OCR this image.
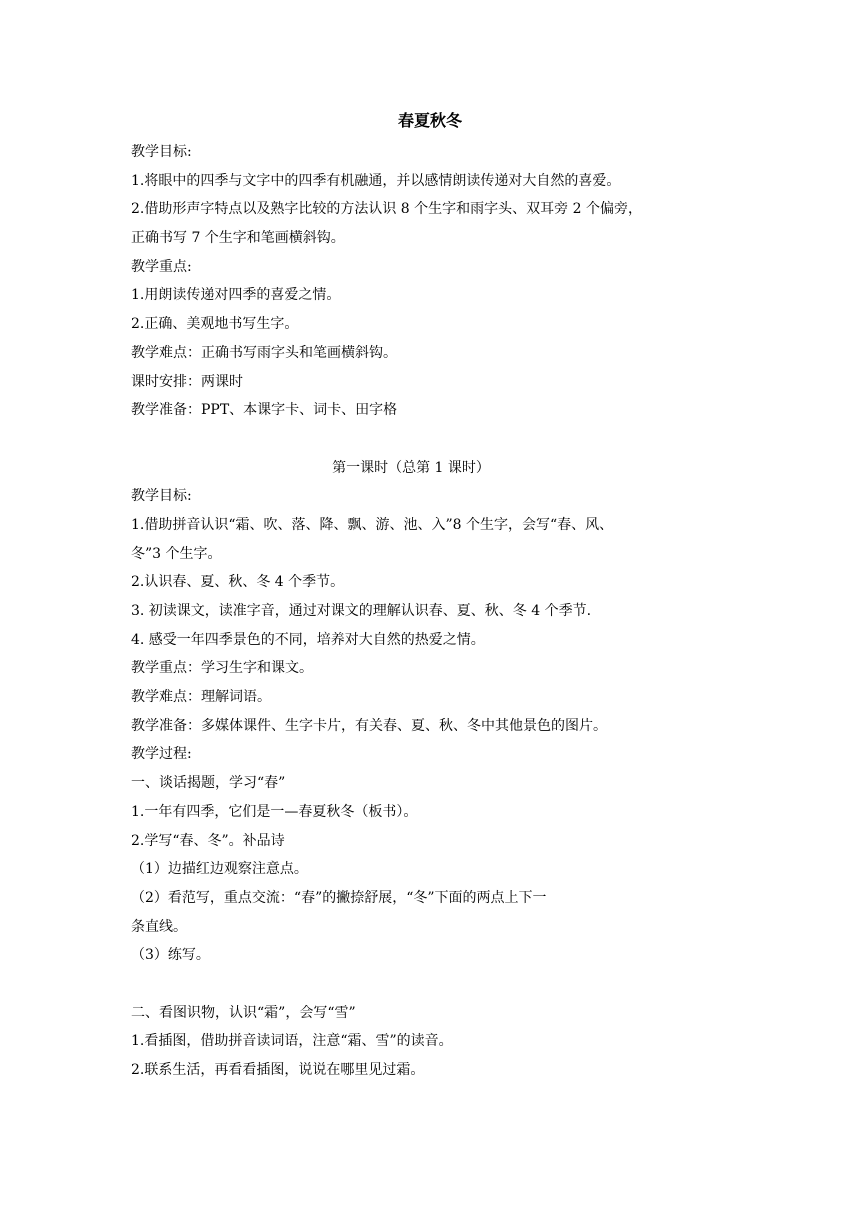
春夏秋冬
教学目标:
1.将眼中的四季与文字中的四季有机融通，并以感情朗读传递对大自然的喜爱。
2.借助形声字特点以及熟字比较的方法认识 8 个生字和雨字头、双耳旁 2 个偏旁，
正确书写 7 个生字和笔画横斜钩。
教学重点:
1.用朗读传递对四季的喜爱之情。
2.正确、美观地书写生字。
教学难点：正确书写雨字头和笔画横斜钩。
课时安排：两课时
教学准备：PPT、本课字卡、词卡、田字格
第一课时（总第 1 课时）
教学目标:
1.借助拼音认识“霜、吹、落、降、飘、游、池、入”8 个生字，会写“春、风、
冬”3 个生字。
2.认识春、夏、秋、冬 4 个季节。
3. 初读课文，读准字音，通过对课文的理解认识春、夏、秋、冬 4 个季节.
4. 感受一年四季景色的不同，培养对大自然的热爱之情。
教学重点：学习生字和课文。
教学难点：理解词语。
教学准备：多媒体课件、生字卡片，有关春、夏、秋、冬中其他景色的图片。
教学过程:
一、谈话揭题，学习“春”
1.一年有四季，它们是一—春夏秋冬（板书）。
2.学写“春、冬”。补品诗
（1）边描红边观察注意点。
（2）看范写，重点交流：“春”的撇捺舒展，“冬”下面的两点上下一
条直线。
（3）练写。
二、看图识物，认识“霜”，会写“雪”
1.看插图，借助拼音读词语，注意“霜、雪”的读音。
2.联系生活，再看看插图，说说在哪里见过霜。
